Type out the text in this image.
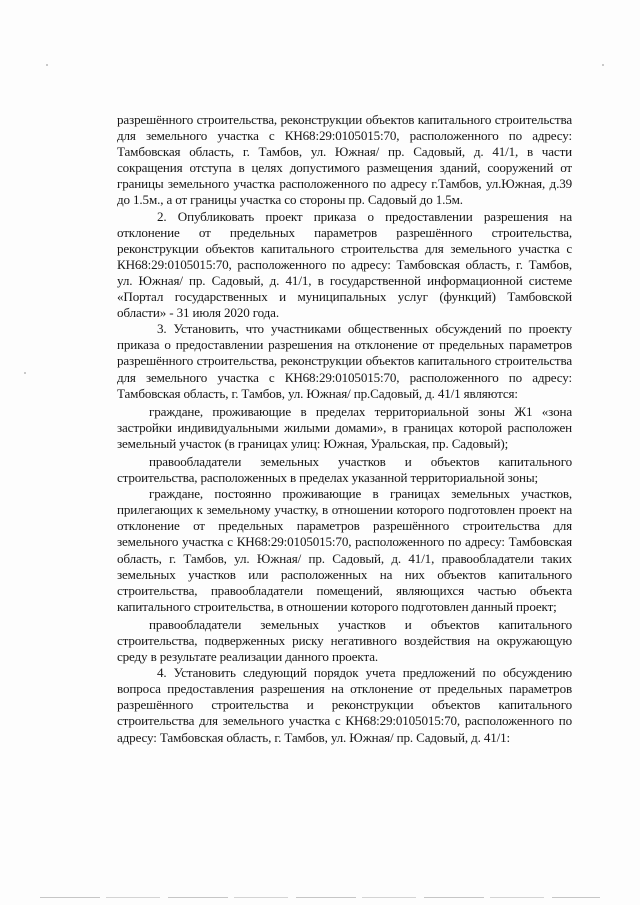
разрешённого строительства, реконструкции объектов капитального строительства для земельного участка с КН68:29:0105015:70, расположенного по адресу: Тамбовская область, г. Тамбов, ул. Южная/ пр. Садовый, д. 41/1, в части сокращения отступа в целях допустимого размещения зданий, сооружений от границы земельного участка расположенного по адресу г.Тамбов, ул.Южная, д.39 до 1.5м., а от границы участка со стороны пр. Садовый до 1.5м.

2. Опубликовать проект приказа о предоставлении разрешения на отклонение от предельных параметров разрешённого строительства, реконструкции объектов капитального строительства для земельного участка с КН68:29:0105015:70, расположенного по адресу: Тамбовская область, г. Тамбов, ул. Южная/ пр. Садовый, д. 41/1, в государственной информационной системе «Портал государственных и муниципальных услуг (функций) Тамбовской области» - 31 июля 2020 года.

3. Установить, что участниками общественных обсуждений по проекту приказа о предоставлении разрешения на отклонение от предельных параметров разрешённого строительства, реконструкции объектов капитального строительства для земельного участка с КН68:29:0105015:70, расположенного по адресу: Тамбовская область, г. Тамбов, ул. Южная/ пр.Садовый, д. 41/1 являются:

граждане, проживающие в пределах территориальной зоны Ж1 «зона застройки индивидуальными жилыми домами», в границах которой расположен земельный участок (в границах улиц: Южная, Уральская, пр. Садовый);

правообладатели земельных участков и объектов капитального строительства, расположенных в пределах указанной территориальной зоны;

граждане, постоянно проживающие в границах земельных участков, прилегающих к земельному участку, в отношении которого подготовлен проект на отклонение от предельных параметров разрешённого строительства для земельного участка с КН68:29:0105015:70, расположенного по адресу: Тамбовская область, г. Тамбов, ул. Южная/ пр. Садовый, д. 41/1, правообладатели таких земельных участков или расположенных на них объектов капитального строительства, правообладатели помещений, являющихся частью объекта капитального строительства, в отношении которого подготовлен данный проект;

правообладатели земельных участков и объектов капитального строительства, подверженных риску негативного воздействия на окружающую среду в результате реализации данного проекта.

4. Установить следующий порядок учета предложений по обсуждению вопроса предоставления разрешения на отклонение от предельных параметров разрешённого строительства и реконструкции объектов капитального строительства для земельного участка с КН68:29:0105015:70, расположенного по адресу: Тамбовская область, г. Тамбов, ул. Южная/ пр. Садовый, д. 41/1:
